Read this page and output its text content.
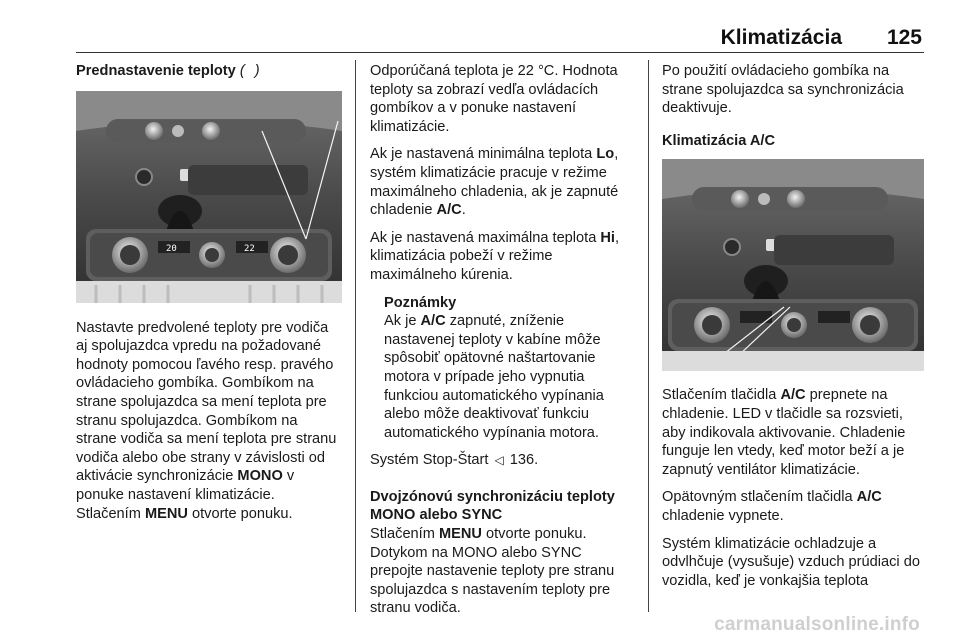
Klimatizácia 125
Prednastavenie teploty ( )
20	22

Nastavte predvolené teploty pre vodiča aj spolujazdca vpredu na požadované hodnoty pomocou ľavého resp. pravého ovládacieho gombíka. Gombíkom na strane spolujazdca sa mení teplota pre stranu spolujazdca. Gombíkom na strane vodiča sa mení teplota pre stranu vodiča alebo obe strany v závislosti od aktivácie synchronizácie MONO v ponuke nastavení klimatizácie. Stlačením MENU otvorte ponuku.

Odporúčaná teplota je 22 °C. Hodnota teploty sa zobrazí vedľa ovládacích gombíkov a v ponuke nastavení klimatizácie.

Ak je nastavená minimálna teplota Lo, systém klimatizácie pracuje v režime maximálneho chladenia, ak je zapnuté chladenie A/C.

Ak je nastavená maximálna teplota Hi, klimatizácia pobeží v režime maximálneho kúrenia.

Poznámky

Ak je A/C zapnuté, zníženie nastavenej teploty v kabíne môže spôsobiť opätovné naštartovanie motora v prípade jeho vypnutia funkciou automatického vypínania alebo môže deaktivovať funkciu automatického vypínania motora.

Systém Stop-Štart ◁ 136.

Dvojzónovú synchronizáciu teploty MONO alebo SYNC

Stlačením MENU otvorte ponuku. Dotykom na MONO alebo SYNC prepojte nastavenie teploty pre stranu spolujazdca s nastavením teploty pre stranu vodiča.

Po použití ovládacieho gombíka na strane spolujazdca sa synchronizácia deaktivuje.

Klimatizácia A/C

Stlačením tlačidla A/C prepnete na chladenie. LED v tlačidle sa rozsvieti, aby indikovala aktivovanie. Chladenie funguje len vtedy, keď motor beží a je zapnutý ventilátor klimatizácie.

Opätovným stlačením tlačidla A/C chladenie vypnete.

Systém klimatizácie ochladzuje a odvlhčuje (vysušuje) vzduch prúdiaci do vozidla, keď je vonkajšia teplota

carmanualsonline.info
